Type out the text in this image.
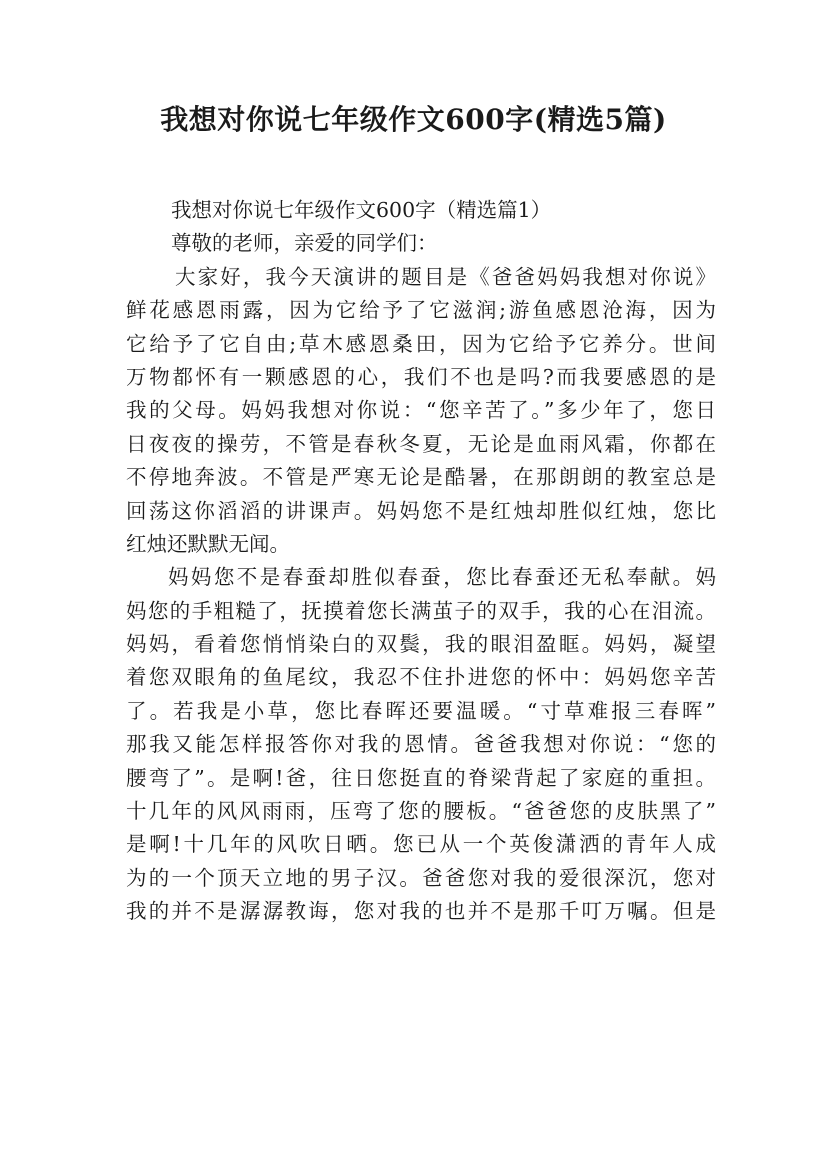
我想对你说七年级作文600字(精选5篇)
我想对你说七年级作文600字（精选篇1）
尊敬的老师，亲爱的同学们：
大家好，我今天演讲的题目是《爸爸妈妈我想对你说》
鲜花感恩雨露，因为它给予了它滋润;游鱼感恩沧海，因为
它给予了它自由;草木感恩桑田，因为它给予它养分。世间
万物都怀有一颗感恩的心，我们不也是吗?而我要感恩的是
我的父母。妈妈我想对你说：“您辛苦了。”多少年了，您日
日夜夜的操劳，不管是春秋冬夏，无论是血雨风霜，你都在
不停地奔波。不管是严寒无论是酷暑，在那朗朗的教室总是
回荡这你滔滔的讲课声。妈妈您不是红烛却胜似红烛，您比
红烛还默默无闻。
妈妈您不是春蚕却胜似春蚕，您比春蚕还无私奉献。妈
妈您的手粗糙了，抚摸着您长满茧子的双手，我的心在泪流。
妈妈，看着您悄悄染白的双鬓，我的眼泪盈眶。妈妈，凝望
着您双眼角的鱼尾纹，我忍不住扑进您的怀中：妈妈您辛苦
了。若我是小草，您比春晖还要温暖。“寸草难报三春晖”
那我又能怎样报答你对我的恩情。爸爸我想对你说：“您的
腰弯了”。是啊!爸，往日您挺直的脊梁背起了家庭的重担。
十几年的风风雨雨，压弯了您的腰板。“爸爸您的皮肤黑了”
是啊!十几年的风吹日晒。您已从一个英俊潇洒的青年人成
为的一个顶天立地的男子汉。爸爸您对我的爱很深沉，您对
我的并不是潺潺教诲，您对我的也并不是那千叮万嘱。但是
